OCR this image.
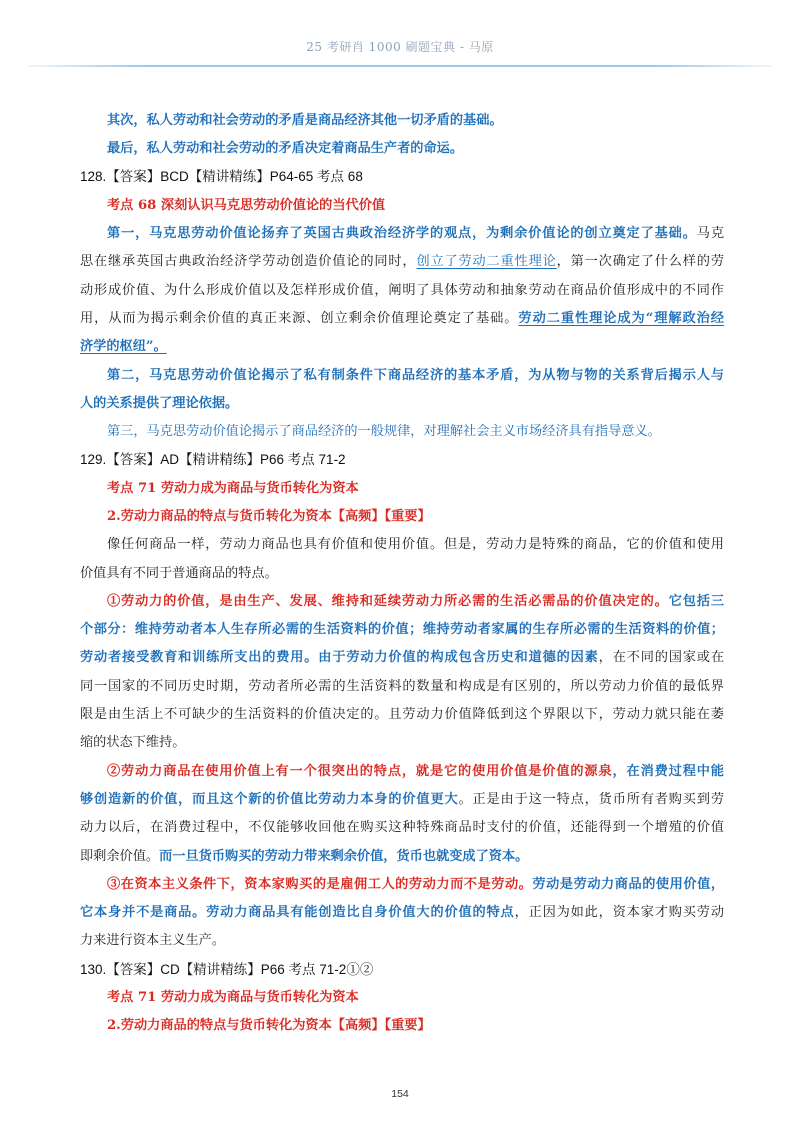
25 考研肖 1000 刷题宝典 - 马原
其次，私人劳动和社会劳动的矛盾是商品经济其他一切矛盾的基础。
最后，私人劳动和社会劳动的矛盾决定着商品生产者的命运。
128.【答案】BCD【精讲精练】P64-65 考点 68
考点 68 深刻认识马克思劳动价值论的当代价值
第一，马克思劳动价值论扬弃了英国古典政治经济学的观点，为剩余价值论的创立奠定了基础。马克
思在继承英国古典政治经济学劳动创造价值论的同时，创立了劳动二重性理论，第一次确定了什么样的劳
动形成价值、为什么形成价值以及怎样形成价值，阐明了具体劳动和抽象劳动在商品价值形成中的不同作
用，从而为揭示剩余价值的真正来源、创立剩余价值理论奠定了基础。劳动二重性理论成为“理解政治经
济学的枢纽”。
第二，马克思劳动价值论揭示了私有制条件下商品经济的基本矛盾，为从物与物的关系背后揭示人与
人的关系提供了理论依据。
第三，马克思劳动价值论揭示了商品经济的一般规律，对理解社会主义市场经济具有指导意义。
129.【答案】AD【精讲精练】P66 考点 71-2
考点 71 劳动力成为商品与货币转化为资本
2.劳动力商品的特点与货币转化为资本【高频】【重要】
像任何商品一样，劳动力商品也具有价值和使用价值。但是，劳动力是特殊的商品，它的价值和使用
价值具有不同于普通商品的特点。
①劳动力的价值，是由生产、发展、维持和延续劳动力所必需的生活必需品的价值决定的。它包括三
个部分：维持劳动者本人生存所必需的生活资料的价值；维持劳动者家属的生存所必需的生活资料的价值；
劳动者接受教育和训练所支出的费用。由于劳动力价值的构成包含历史和道德的因素，在不同的国家或在
同一国家的不同历史时期，劳动者所必需的生活资料的数量和构成是有区别的，所以劳动力价值的最低界
限是由生活上不可缺少的生活资料的价值决定的。且劳动力价值降低到这个界限以下，劳动力就只能在萎
缩的状态下维持。
②劳动力商品在使用价值上有一个很突出的特点，就是它的使用价值是价值的源泉，在消费过程中能
够创造新的价值，而且这个新的价值比劳动力本身的价值更大。正是由于这一特点，货币所有者购买到劳
动力以后，在消费过程中，不仅能够收回他在购买这种特殊商品时支付的价值，还能得到一个增殖的价值
即剩余价值。而一旦货币购买的劳动力带来剩余价值，货币也就变成了资本。
③在资本主义条件下，资本家购买的是雇佣工人的劳动力而不是劳动。劳动是劳动力商品的使用价值，
它本身并不是商品。劳动力商品具有能创造比自身价值大的价值的特点，正因为如此，资本家才购买劳动
力来进行资本主义生产。
130.【答案】CD【精讲精练】P66 考点 71-2①②
考点 71 劳动力成为商品与货币转化为资本
2.劳动力商品的特点与货币转化为资本【高频】【重要】
154
